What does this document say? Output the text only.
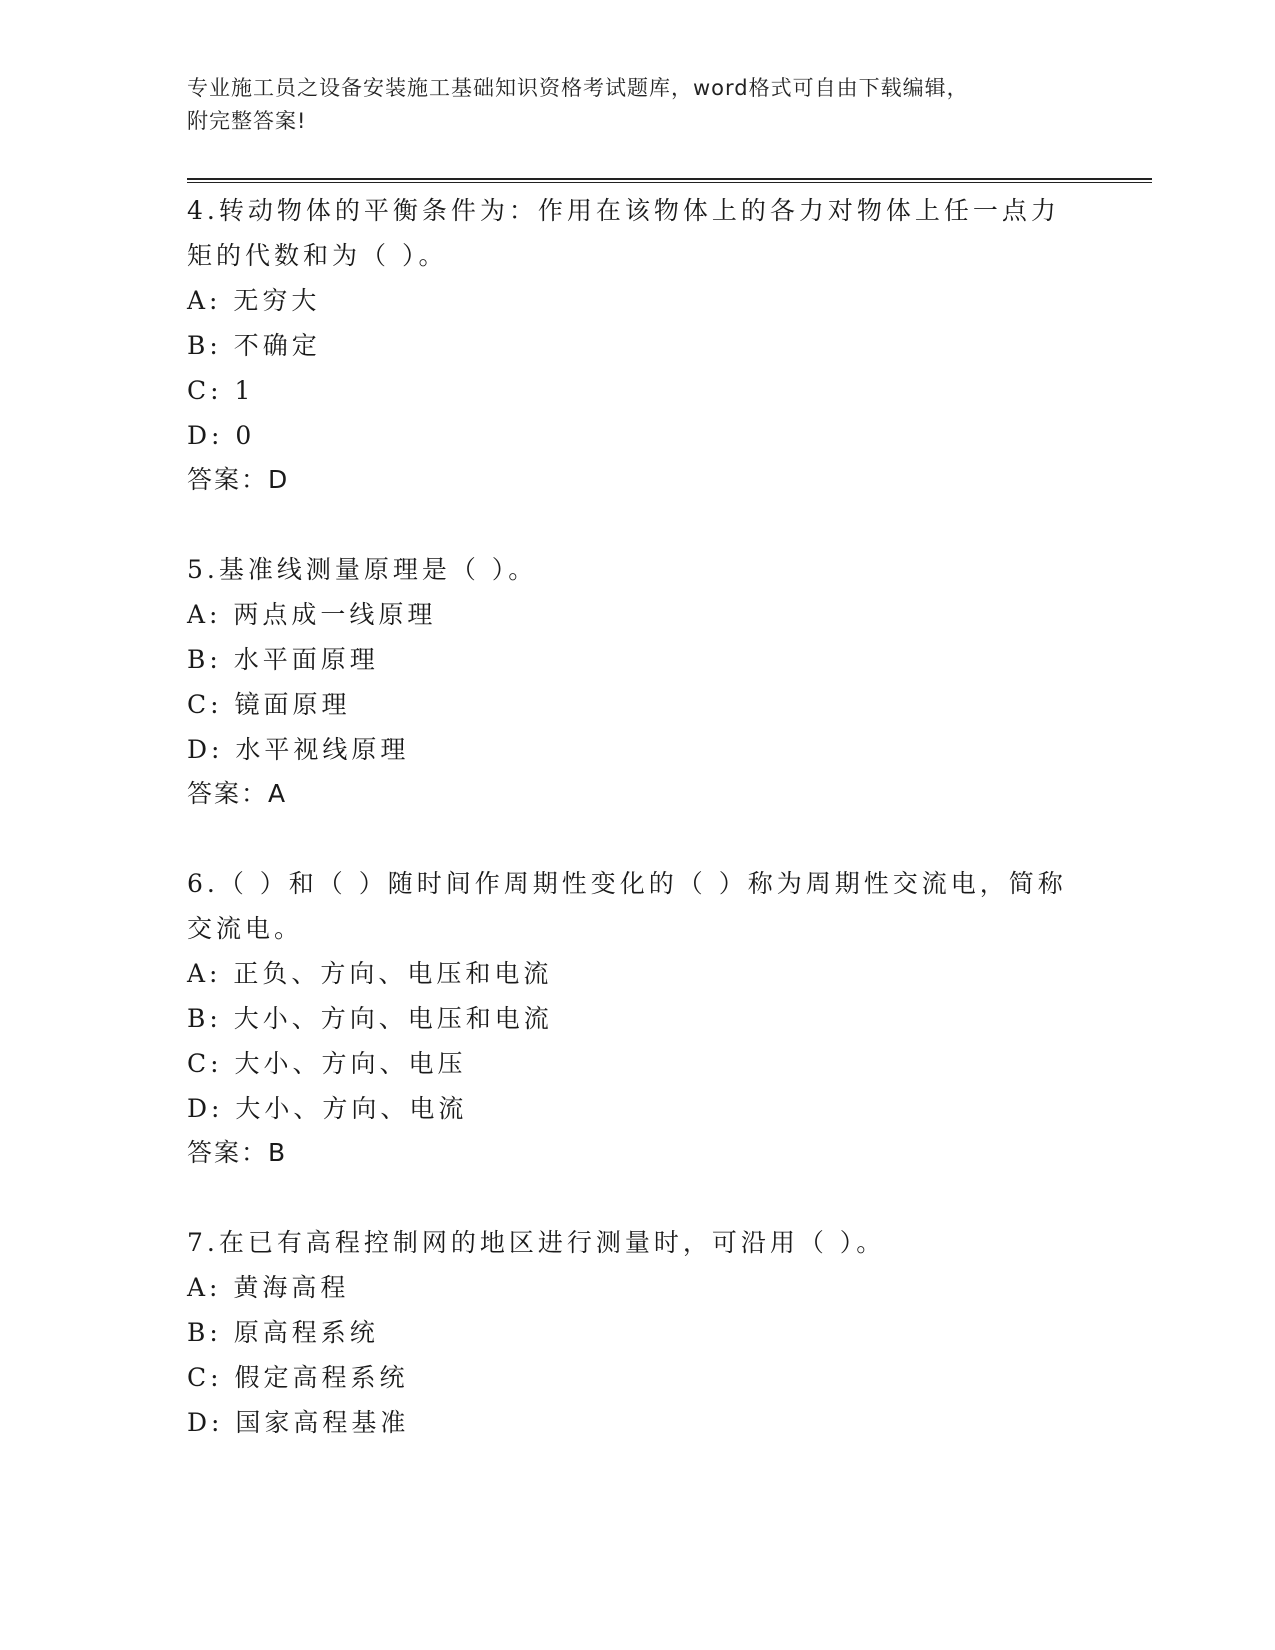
专业施工员之设备安装施工基础知识资格考试题库，word格式可自由下载编辑，
附完整答案!

4.转动物体的平衡条件为：作用在该物体上的各力对物体上任一点力矩的代数和为（ ）。

A: 无穷大

B: 不确定

C: 1

D: 0

答案：D

5.基准线测量原理是（ ）。

A: 两点成一线原理

B: 水平面原理

C: 镜面原理

D: 水平视线原理

答案：A

6.（ ）和（ ）随时间作周期性变化的（ ）称为周期性交流电，简称交流电。

A: 正负、方向、电压和电流

B: 大小、方向、电压和电流

C: 大小、方向、电压

D: 大小、方向、电流

答案：B

7.在已有高程控制网的地区进行测量时，可沿用（ ）。

A: 黄海高程

B: 原高程系统

C: 假定高程系统

D: 国家高程基准
